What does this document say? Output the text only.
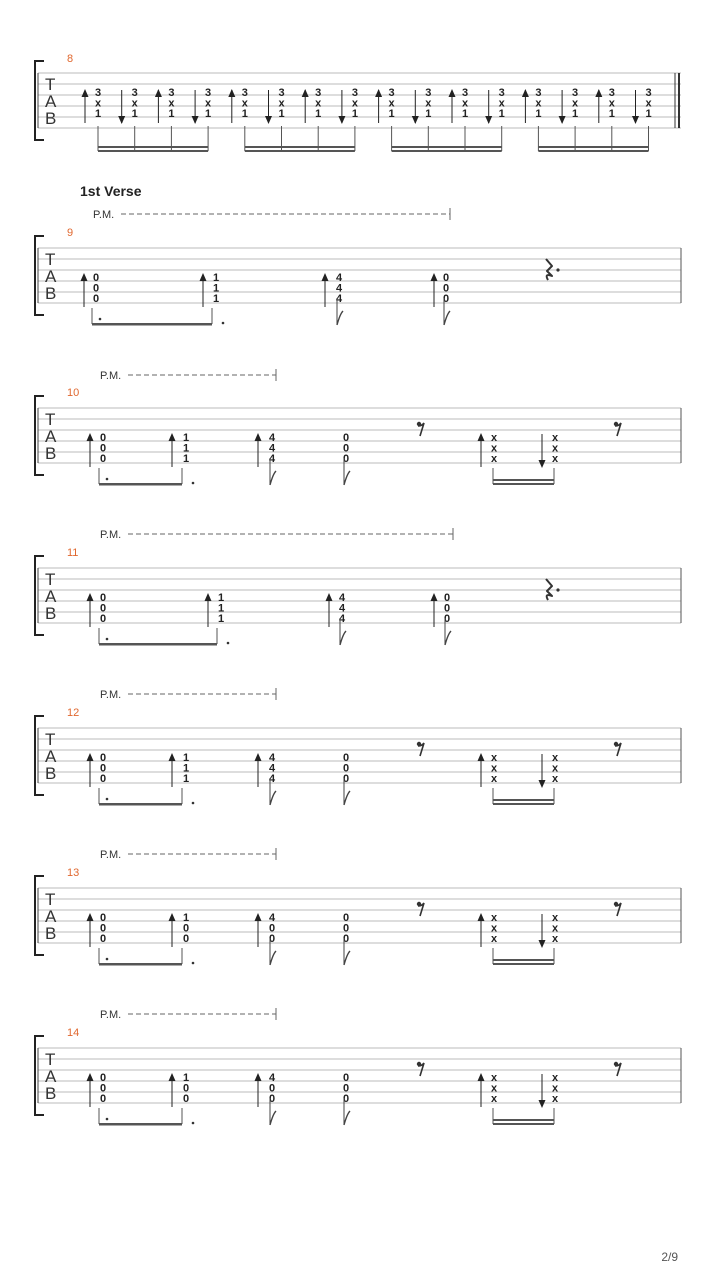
T
A
B
8
3
x
1
3
x
1
3
x
1
3
x
1
3
x
1
3
x
1
3
x
1
3
x
1
3
x
1
3
x
1
3
x
1
3
x
1
3
x
1
3
x
1
3
x
1
3
x
1
1st Verse
T
A
B
9
P.M.
0
0
0
1
1
1
4
4
4
0
0
0
T
A
B
10
P.M.
0
0
0
1
1
1
4
4
4
0
0
0
x
x
x
x
x
x
T
A
B
11
P.M.
0
0
0
1
1
1
4
4
4
0
0
0
T
A
B
12
P.M.
0
0
0
1
1
1
4
4
4
0
0
0
x
x
x
x
x
x
T
A
B
13
P.M.
0
0
0
1
0
0
4
0
0
0
0
0
x
x
x
x
x
x
T
A
B
14
P.M.
0
0
0
1
0
0
4
0
0
0
0
0
x
x
x
x
x
x
2/9
